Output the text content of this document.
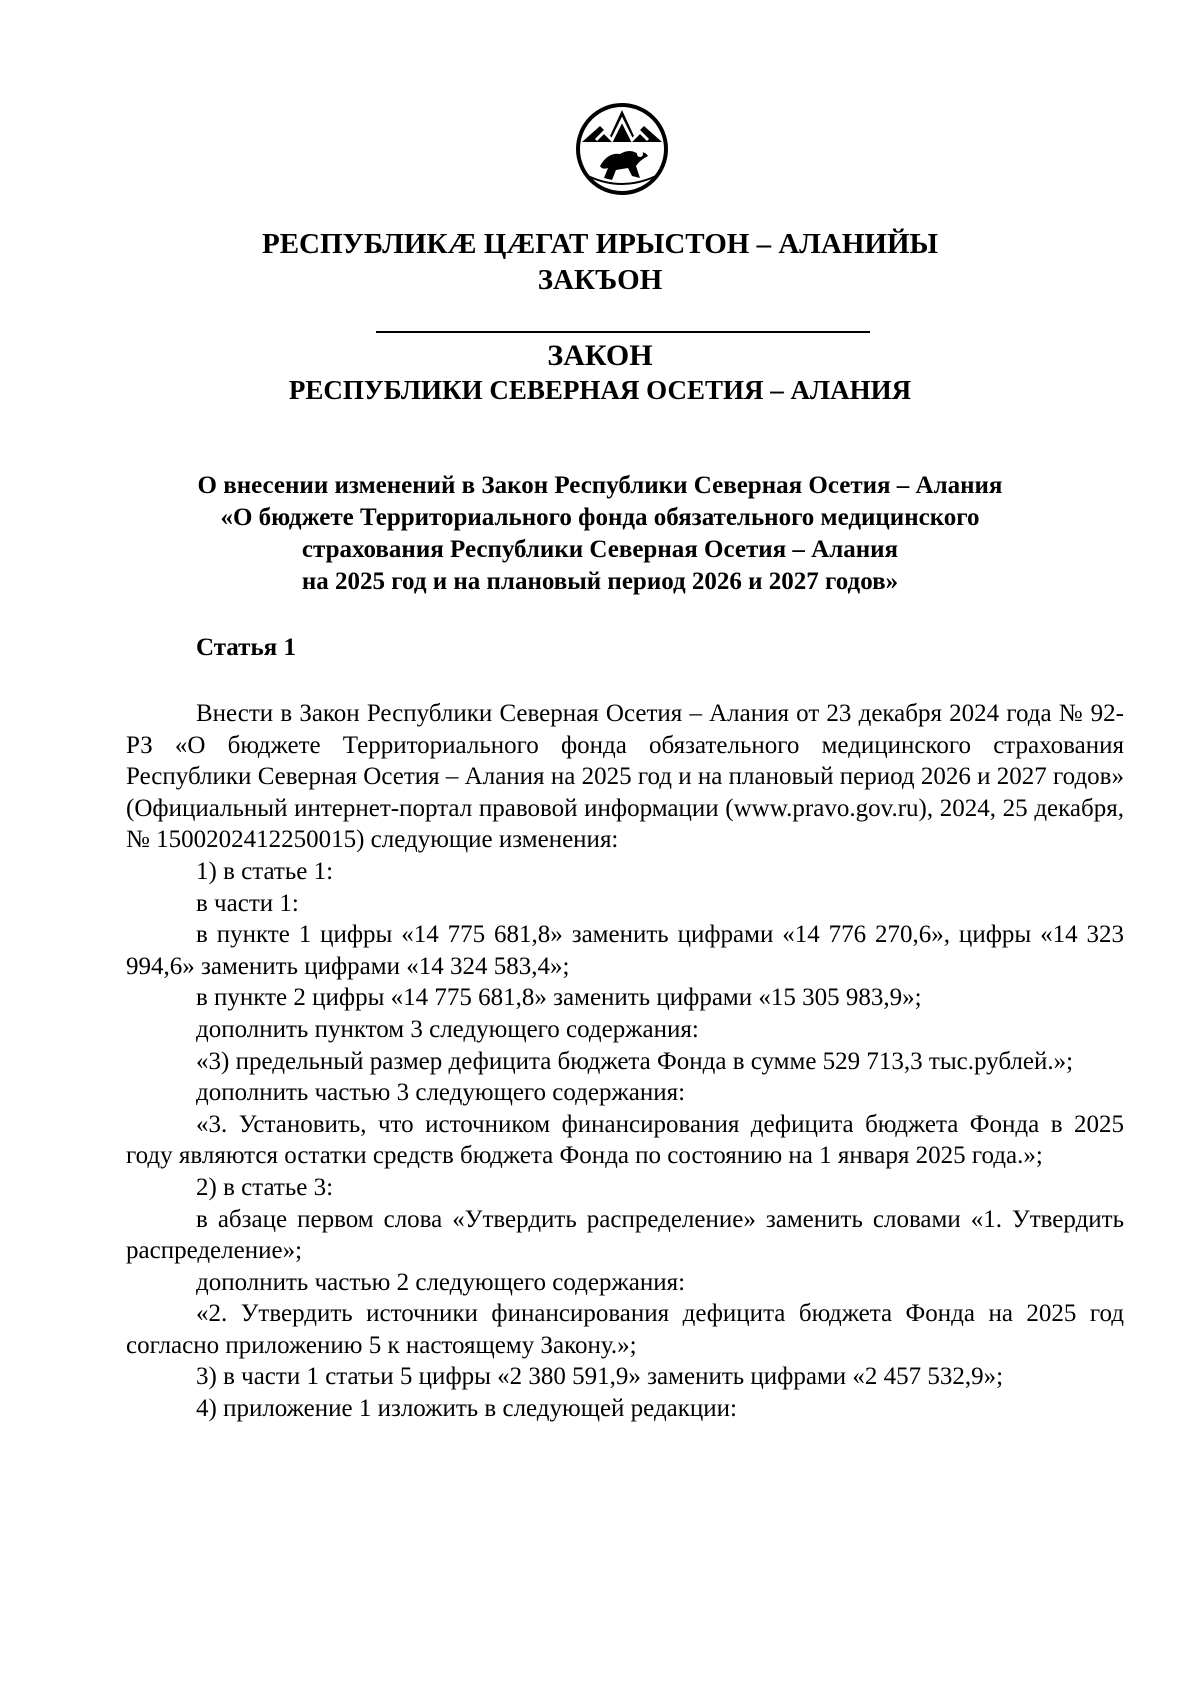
РЕСПУБЛИКӔ ЦӔГАТ ИРЫСТОН – АЛАНИЙЫ
ЗАКЪОН
ЗАКОН
РЕСПУБЛИКИ СЕВЕРНАЯ ОСЕТИЯ – АЛАНИЯ
О внесении изменений в Закон Республики Северная Осетия – Алания
«О бюджете Территориального фонда обязательного медицинского
страхования Республики Северная Осетия – Алания
на 2025 год и на плановый период 2026 и 2027 годов»
Статья 1

Внести в Закон Республики Северная Осетия – Алания от 23 декабря 2024 года № 92-РЗ «О бюджете Территориального фонда обязательного медицинского страхования Республики Северная Осетия – Алания на 2025 год и на плановый период 2026 и 2027 годов» (Официальный интернет-портал правовой информации (www.pravo.gov.ru), 2024, 25 декабря, № 1500202412250015) следующие изменения:

1) в статье 1:

в части 1:

в пункте 1 цифры «14 775 681,8» заменить цифрами «14 776 270,6», цифры «14 323 994,6» заменить цифрами «14 324 583,4»;

в пункте 2 цифры «14 775 681,8» заменить цифрами «15 305 983,9»;

дополнить пунктом 3 следующего содержания:

«3) предельный размер дефицита бюджета Фонда в сумме 529 713,3 тыс.рублей.»;

дополнить частью 3 следующего содержания:

«3. Установить, что источником финансирования дефицита бюджета Фонда в 2025 году являются остатки средств бюджета Фонда по состоянию на 1 января 2025 года.»;

2) в статье 3:

в абзаце первом слова «Утвердить распределение» заменить словами «1. Утвердить распределение»;

дополнить частью 2 следующего содержания:

«2. Утвердить источники финансирования дефицита бюджета Фонда на 2025 год согласно приложению 5 к настоящему Закону.»;

3) в части 1 статьи 5 цифры «2 380 591,9» заменить цифрами «2 457 532,9»;

4) приложение 1 изложить в следующей редакции:
